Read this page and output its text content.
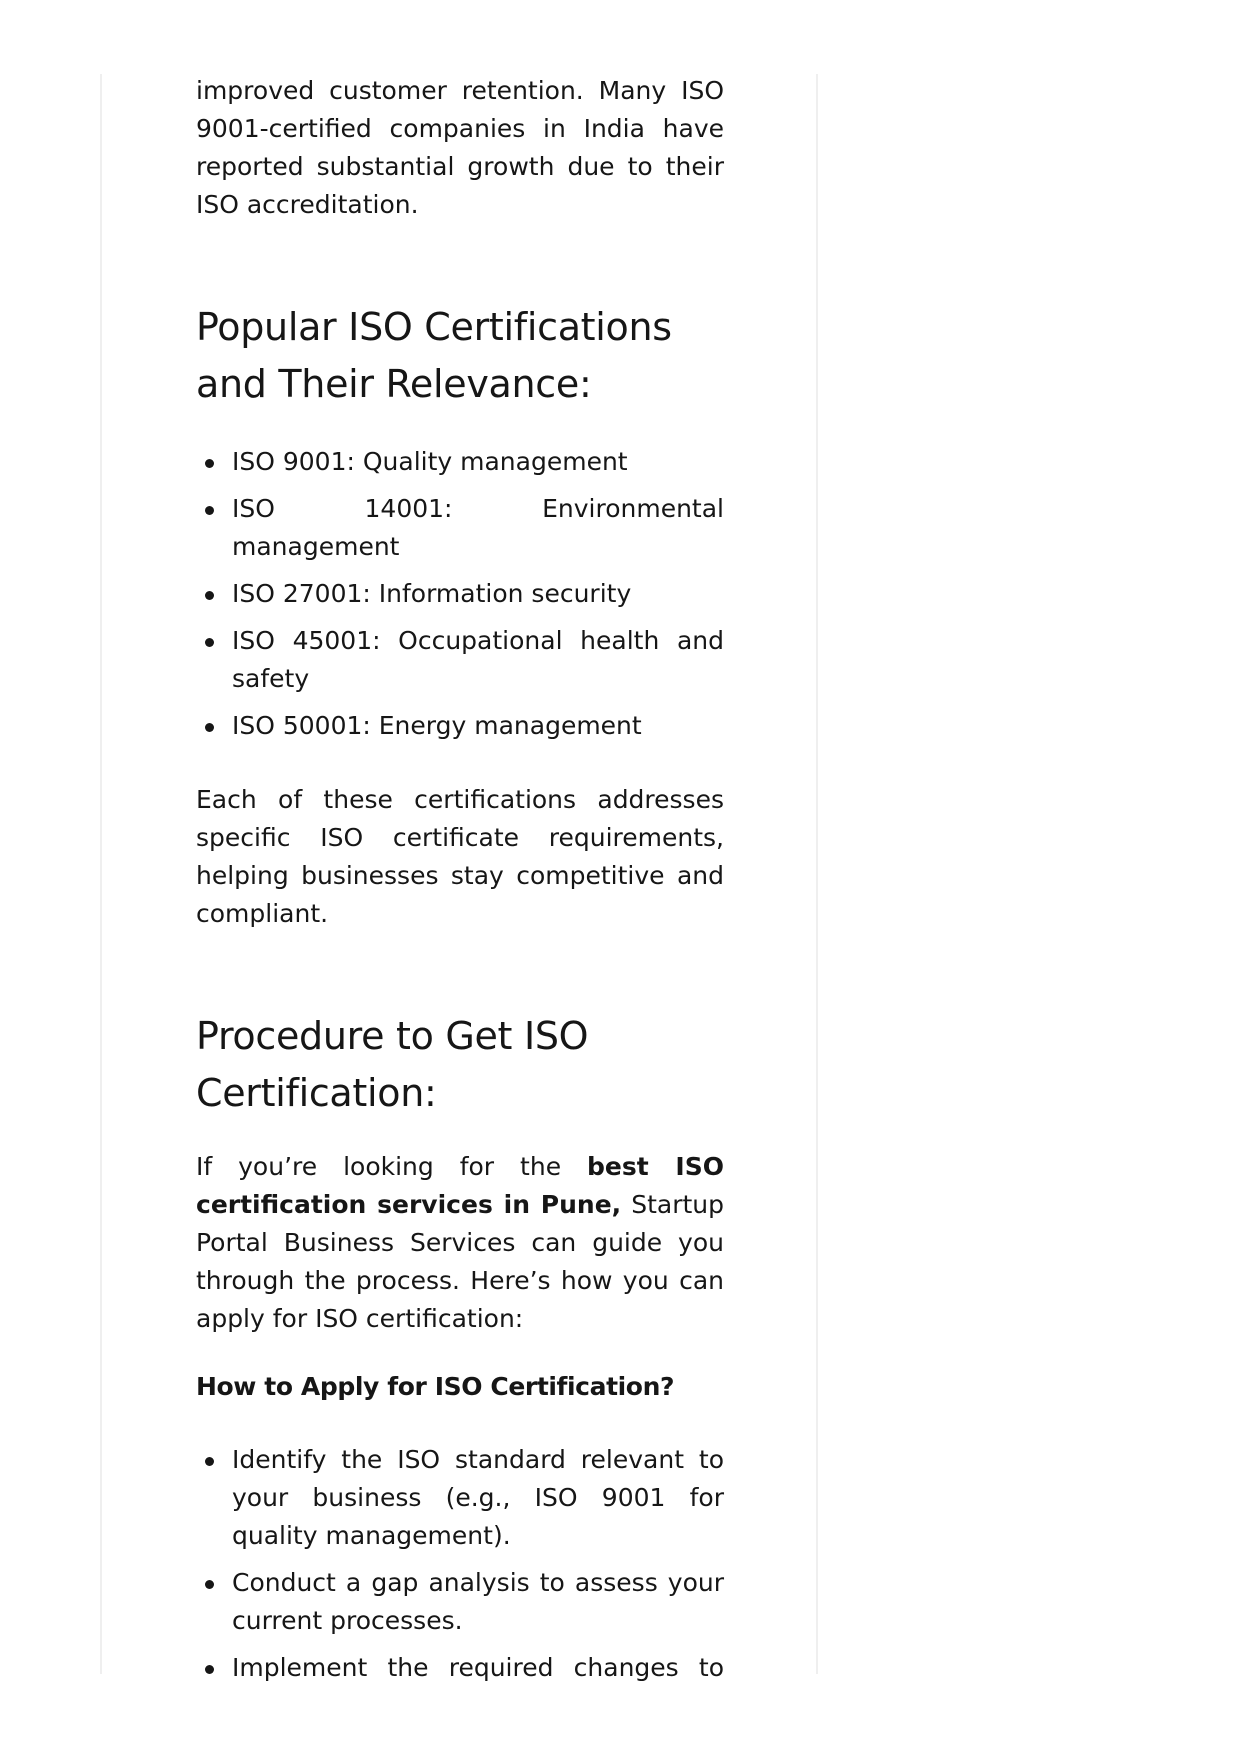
improved customer retention. Many ISO 9001-certified companies in India have reported substantial growth due to their ISO accreditation.

Popular ISO Certifications and Their Relevance:
ISO 9001: Quality management
ISO 14001: Environmental management
ISO 27001: Information security
ISO 45001: Occupational health and safety
ISO 50001: Energy management

Each of these certifications addresses specific ISO certificate requirements, helping businesses stay competitive and compliant.

Procedure to Get ISO Certification:

If you’re looking for the best ISO certification services in Pune, Startup Portal Business Services can guide you through the process. Here’s how you can apply for ISO certification:

How to Apply for ISO Certification?
Identify the ISO standard relevant to your business (e.g., ISO 9001 for quality management).
Conduct a gap analysis to assess your current processes.
Implement the required changes to
